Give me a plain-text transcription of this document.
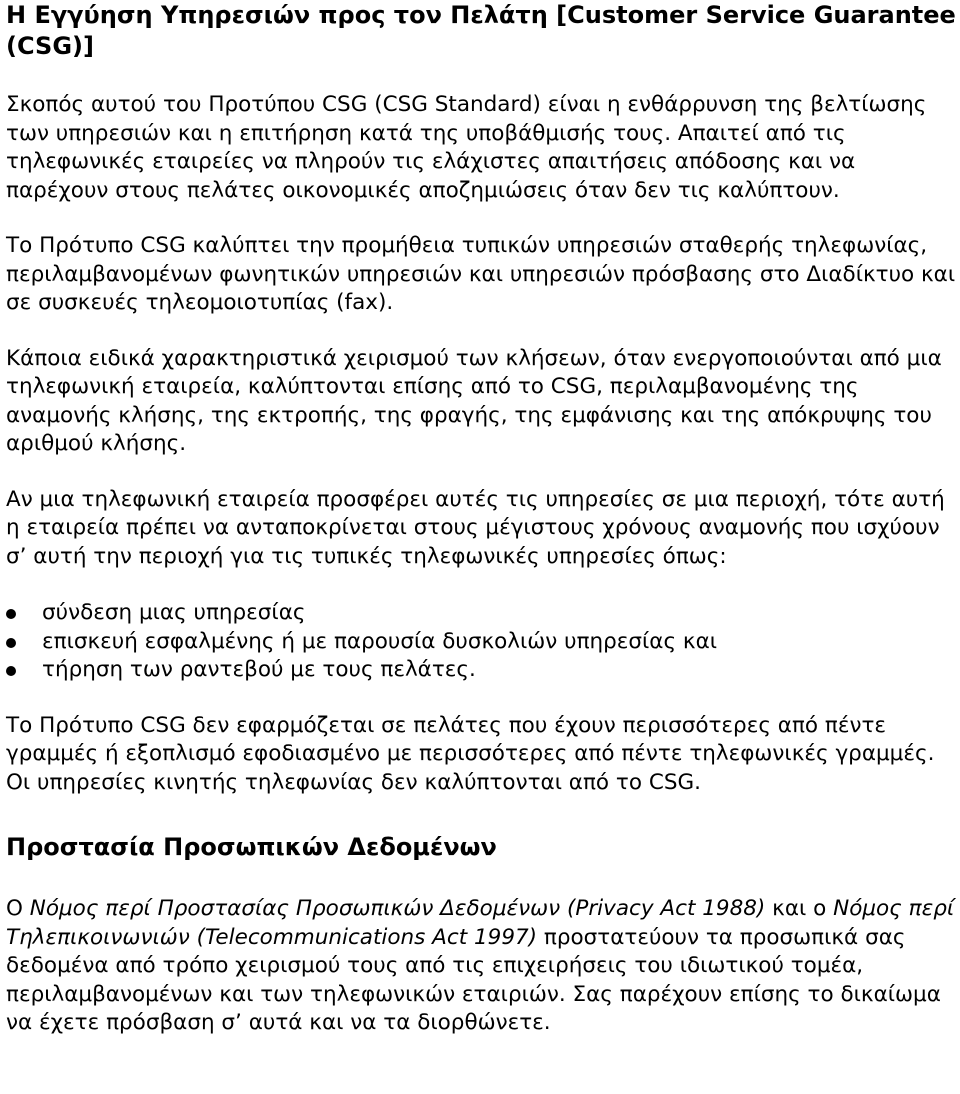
Η Εγγύηση Υπηρεσιών προς τον Πελάτη [Customer Service Guarantee (CSG)]

Σκοπός αυτού του Προτύπου CSG (CSG Standard) είναι η ενθάρρυνση της βελτίωσης των υπηρεσιών και η επιτήρηση κατά της υποβάθμισής τους. Απαιτεί από τις τηλεφωνικές εταιρείες να πληρούν τις ελάχιστες απαιτήσεις απόδοσης και να παρέχουν στους πελάτες οικονομικές αποζημιώσεις όταν δεν τις καλύπτουν.

Το Πρότυπο CSG καλύπτει την προμήθεια τυπικών υπηρεσιών σταθερής τηλεφωνίας, περιλαμβανομένων φωνητικών υπηρεσιών και υπηρεσιών πρόσβασης στο Διαδίκτυο και σε συσκευές τηλεομοιοτυπίας (fax).

Κάποια ειδικά χαρακτηριστικά χειρισμού των κλήσεων, όταν ενεργοποιούνται από μια τηλεφωνική εταιρεία, καλύπτονται επίσης από το CSG, περιλαμβανομένης της αναμονής κλήσης, της εκτροπής, της φραγής, της εμφάνισης και της απόκρυψης του αριθμού κλήσης.

Αν μια τηλεφωνική εταιρεία προσφέρει αυτές τις υπηρεσίες σε μια περιοχή, τότε αυτή η εταιρεία πρέπει να ανταποκρίνεται στους μέγιστους χρόνους αναμονής που ισχύουν σ’ αυτή την περιοχή για τις τυπικές τηλεφωνικές υπηρεσίες όπως:

σύνδεση μιας υπηρεσίας
επισκευή εσφαλμένης ή με παρουσία δυσκολιών υπηρεσίας και
τήρηση των ραντεβού με τους πελάτες.

Το Πρότυπο CSG δεν εφαρμόζεται σε πελάτες που έχουν περισσότερες από πέντε γραμμές ή εξοπλισμό εφοδιασμένο με περισσότερες από πέντε τηλεφωνικές γραμμές. Οι υπηρεσίες κινητής τηλεφωνίας δεν καλύπτονται από το CSG.

Προστασία Προσωπικών Δεδομένων

Ο Νόμος περί Προστασίας Προσωπικών Δεδομένων (Privacy Act 1988) και ο Νόμος περί Τηλεπικοινωνιών (Telecommunications Act 1997) προστατεύουν τα προσωπικά σας δεδομένα από τρόπο χειρισμού τους από τις επιχειρήσεις του ιδιωτικού τομέα, περιλαμβανομένων και των τηλεφωνικών εταιριών. Σας παρέχουν επίσης το δικαίωμα να έχετε πρόσβαση σ’ αυτά και να τα διορθώνετε.
